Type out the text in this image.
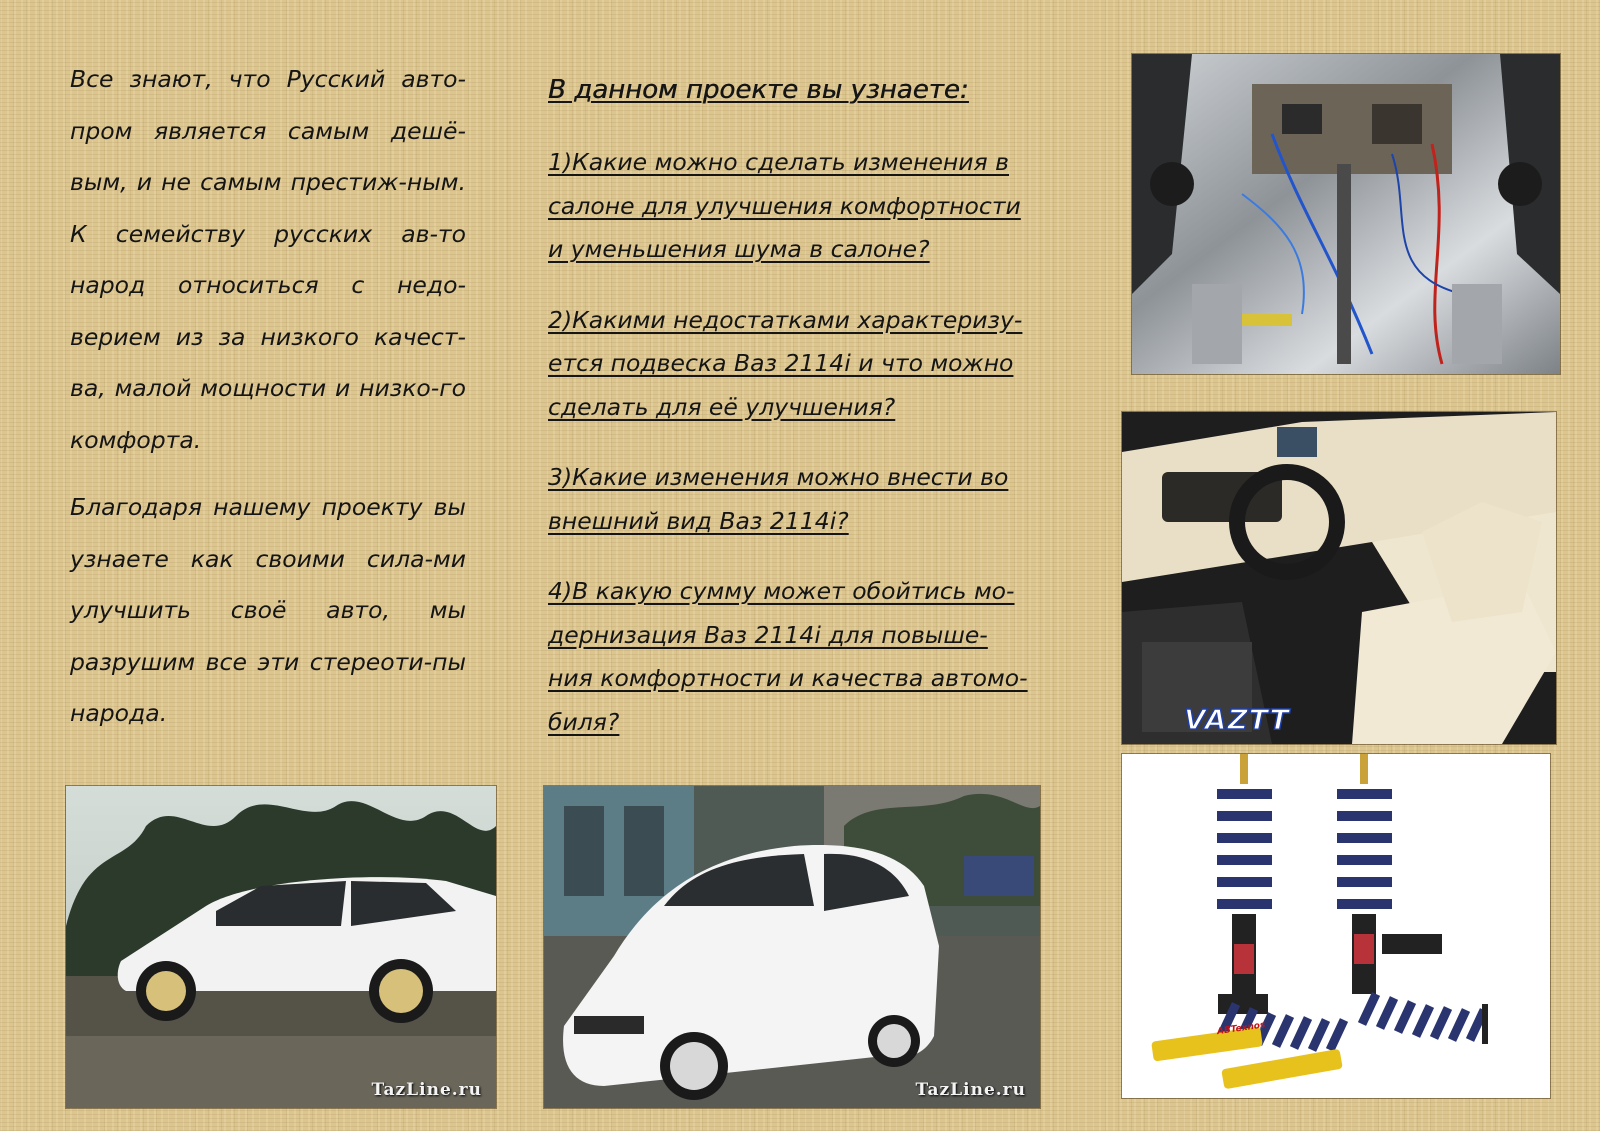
Все знают, что Русский авто-пром является самым дешё-вым, и не самым престиж-ным. К семейству русских ав-то народ относиться с недо-верием из за низкого качест-ва, малой мощности и низко-го комфорта.

Благодаря нашему проекту вы узнаете как своими сила-ми улучшить своё авто, мы разрушим все эти стереоти-пы народа.

В данном проекте вы узнаете:
1)Какие можно сделать изменения в
салоне для улучшения комфортности
и уменьшения шума в салоне?
2)Какими недостатками характеризу-
ется подвеска Ваз 2114i и что можно
сделать для её улучшения?
3)Какие изменения можно внести во
внешний вид Ваз 2114i?
4)В какую сумму может обойтись мо-
дернизация Ваз 2114i для повыше-
ния комфортности и качества автомо-
биля?	VAZTT
ABTexnos
TazLine.ru	TazLine.ru
